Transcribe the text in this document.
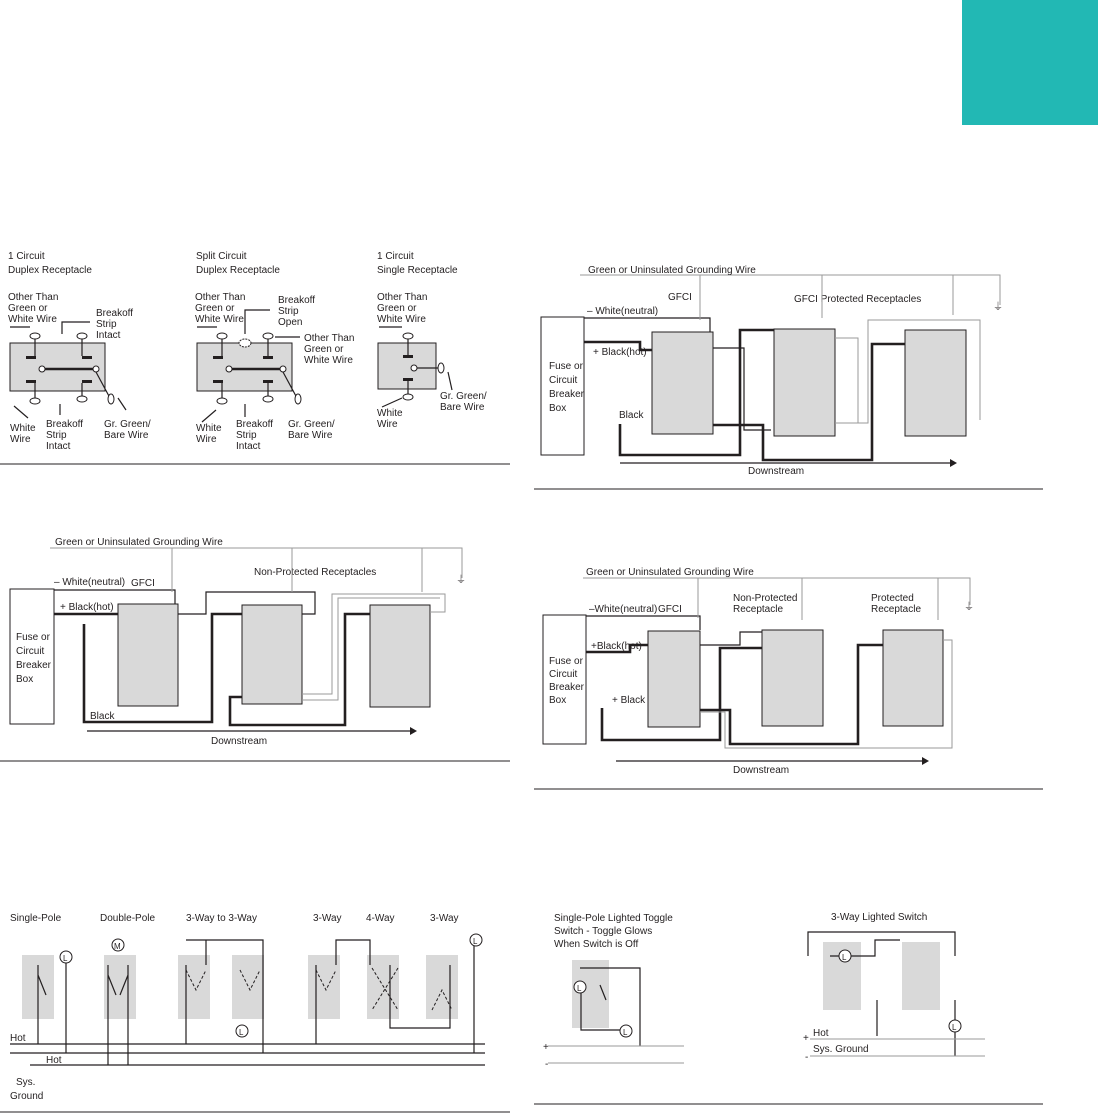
1 Circuit
Duplex Receptacle
Split Circuit
Duplex Receptacle
1 Circuit
Single Receptacle
Other Than
Green or
White Wire
Breakoff
Strip
Intact
White
Wire
Breakoff
Strip
Intact
Gr. Green/
Bare Wire
Other Than
Green or
White Wire
Breakoff
Strip
Open
Other Than
Green or
White Wire
White
Wire
Breakoff
Strip
Intact
Gr. Green/
Bare Wire
Other Than
Green or
White Wire
White
Wire
Gr. Green/
Bare Wire
Green or Uninsulated Grounding Wire
⏚
Fuse or
Circuit
Breaker
Box
– White(neutral)
+ Black(hot)
Black
GFCI	GFCI Protected Receptacles
Downstream
Green or Uninsulated Grounding Wire
⏚
Fuse or
Circuit
Breaker
Box
– White(neutral)
+ Black(hot)
Black
GFCI
Non-Protected Receptacles
Downstream
Green or Uninsulated Grounding Wire
⏚
Fuse or
Circuit
Breaker
Box
–White(neutral)
+Black(hot)
+ Black
GFCI
Non-Protected
Receptacle
Protected
Receptacle
Downstream
Single-Pole	Double-Pole	3-Way to 3-Way	3-Way 4-Way	3-Way
Hot
Hot
Sys.
Ground
L
M
L
L
Single-Pole Lighted Toggle
Switch - Toggle Glows
When Switch is Off
3-Way Lighted Switch
L
L
+
-
L
L
+ Hot
Sys. Ground
-
